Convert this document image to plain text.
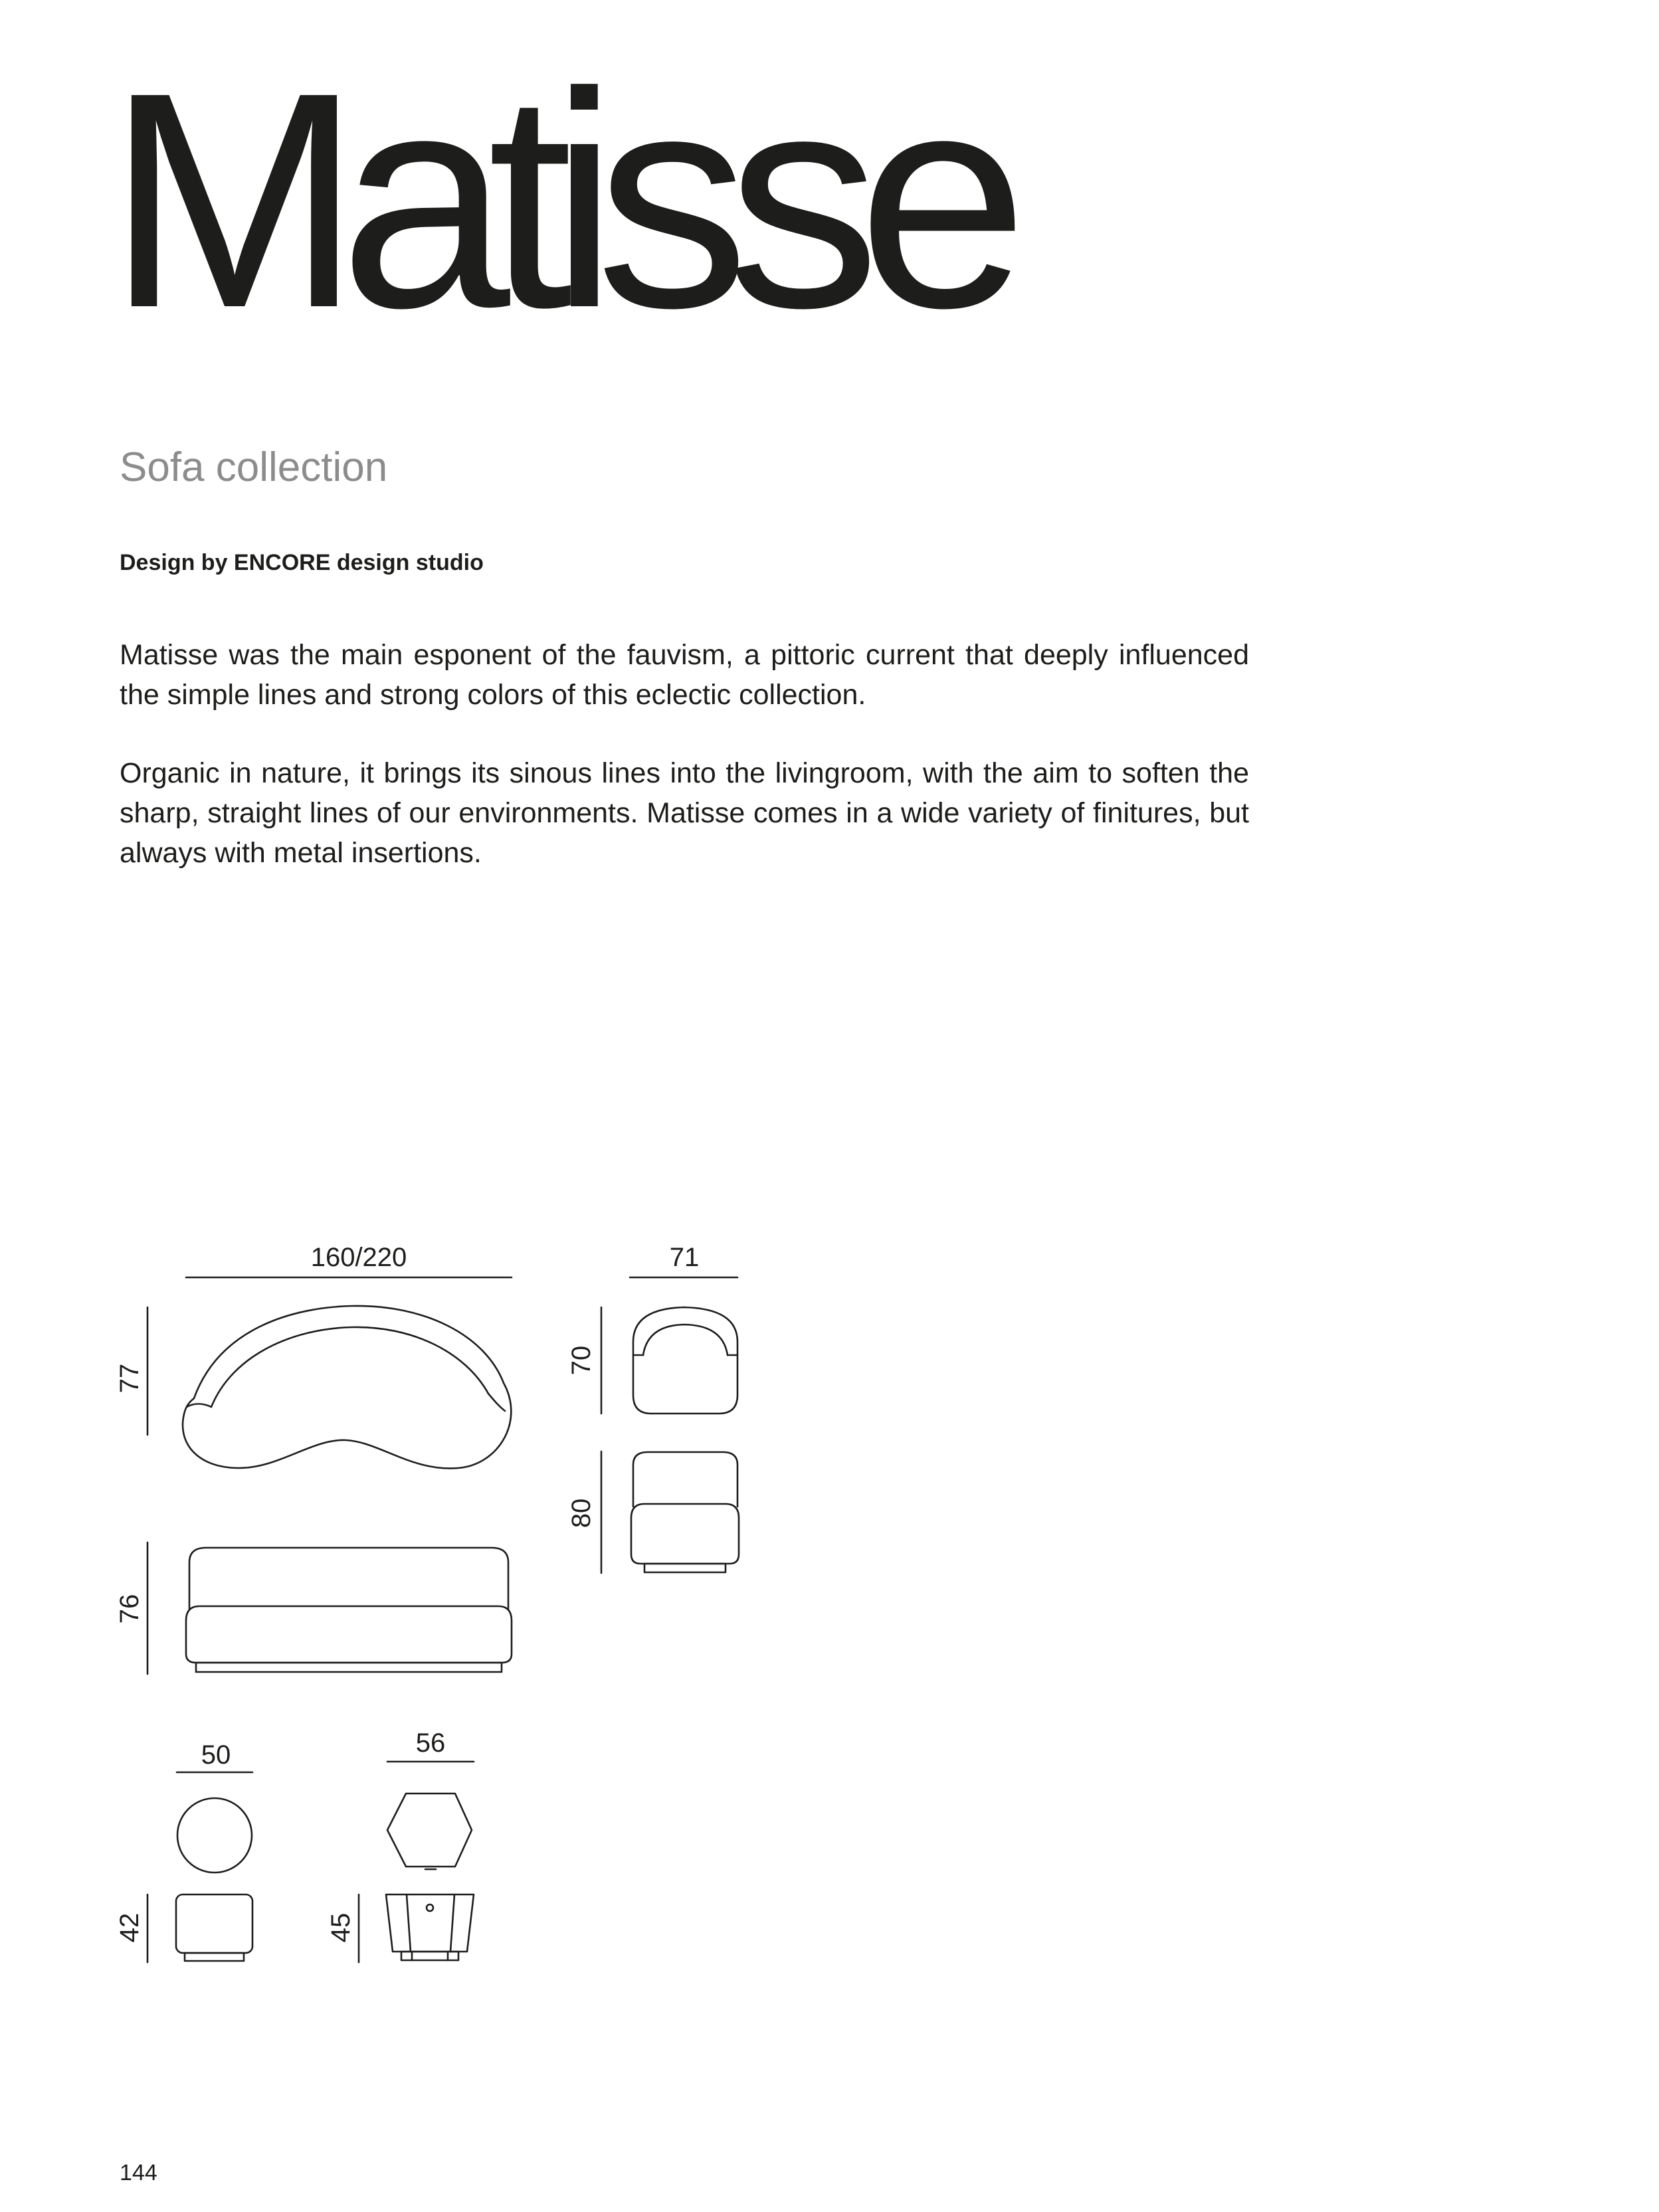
Matisse
Sofa collection

Design by ENCORE design studio

Matisse was the main esponent of the fauvism, a pittoric current that deeply influenced the simple lines and strong colors of this eclectic collection.

Organic in nature, it brings its sinous lines into the livingroom, with the aim to soften the sharp, straight lines of our environments. Matisse comes in a wide variety of finitures, but always with metal insertions.

160/220
77
76
71
70
80
50
42
56
45

144
